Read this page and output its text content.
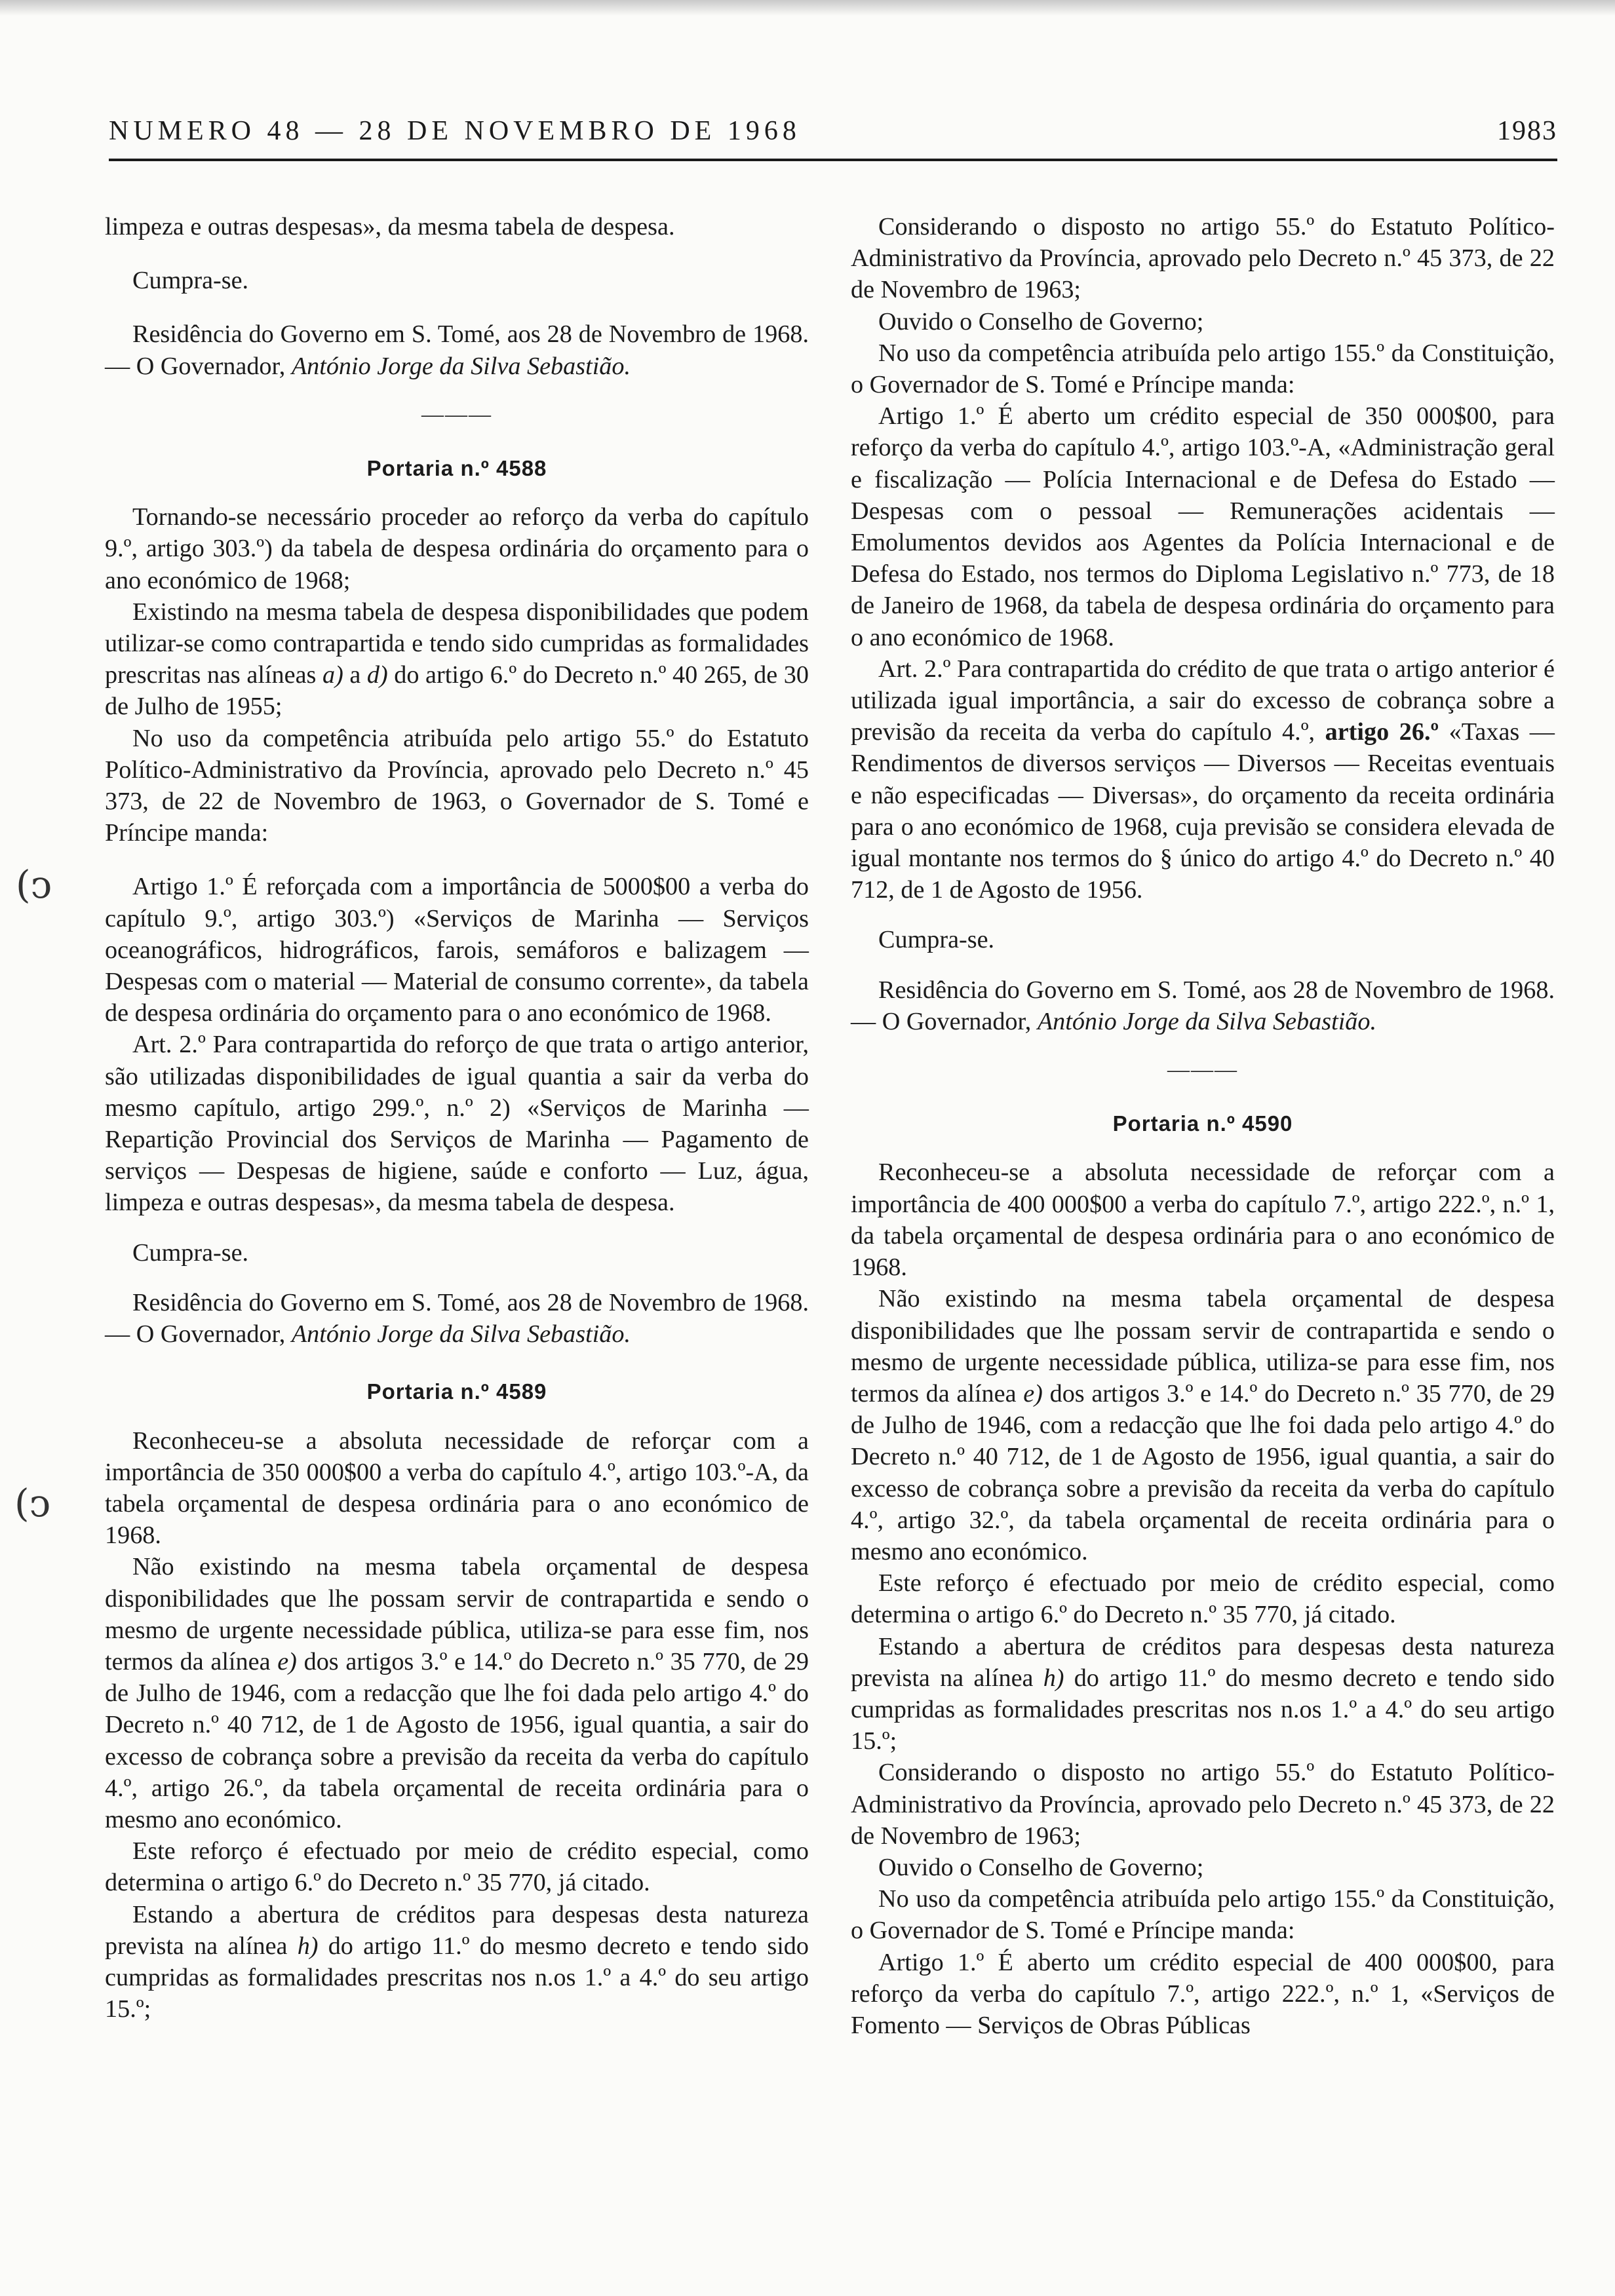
NUMERO 48 — 28 DE NOVEMBRO DE 1968	1983
(ↄ
(ↄ

limpeza e outras despesas», da mesma tabela de despesa.

Cumpra-se.

Residência do Governo em S. Tomé, aos 28 de Novembro de 1968. — O Governador, António Jorge da Silva Sebastião.

———
Portaria n.º 4588

Tornando-se necessário proceder ao reforço da verba do capítulo 9.º, artigo 303.º) da tabela de despesa ordinária do orçamento para o ano económico de 1968;

Existindo na mesma tabela de despesa disponibilidades que podem utilizar-se como contrapartida e tendo sido cumpridas as formalidades prescritas nas alíneas a) a d) do artigo 6.º do Decreto n.º 40 265, de 30 de Julho de 1955;

No uso da competência atribuída pelo artigo 55.º do Estatuto Político-Administrativo da Província, aprovado pelo Decreto n.º 45 373, de 22 de Novembro de 1963, o Governador de S. Tomé e Príncipe manda:

Artigo 1.º É reforçada com a importância de 5000$00 a verba do capítulo 9.º, artigo 303.º) «Serviços de Marinha — Serviços oceanográficos, hidrográficos, farois, semáforos e balizagem — Despesas com o material — Material de consumo corrente», da tabela de despesa ordinária do orçamento para o ano económico de 1968.

Art. 2.º Para contrapartida do reforço de que trata o artigo anterior, são utilizadas disponibilidades de igual quantia a sair da verba do mesmo capítulo, artigo 299.º, n.º 2) «Serviços de Marinha — Repartição Provincial dos Serviços de Marinha — Pagamento de serviços — Despesas de higiene, saúde e conforto — Luz, água, limpeza e outras despesas», da mesma tabela de despesa.

Cumpra-se.

Residência do Governo em S. Tomé, aos 28 de Novembro de 1968. — O Governador, António Jorge da Silva Sebastião.

Portaria n.º 4589

Reconheceu-se a absoluta necessidade de reforçar com a importância de 350 000$00 a verba do capítulo 4.º, artigo 103.º-A, da tabela orçamental de despesa ordinária para o ano económico de 1968.

Não existindo na mesma tabela orçamental de despesa disponibilidades que lhe possam servir de contrapartida e sendo o mesmo de urgente necessidade pública, utiliza-se para esse fim, nos termos da alínea e) dos artigos 3.º e 14.º do Decreto n.º 35 770, de 29 de Julho de 1946, com a redacção que lhe foi dada pelo artigo 4.º do Decreto n.º 40 712, de 1 de Agosto de 1956, igual quantia, a sair do excesso de cobrança sobre a previsão da receita da verba do capítulo 4.º, artigo 26.º, da tabela orçamental de receita ordinária para o mesmo ano económico.

Este reforço é efectuado por meio de crédito especial, como determina o artigo 6.º do Decreto n.º 35 770, já citado.

Estando a abertura de créditos para despesas desta natureza prevista na alínea h) do artigo 11.º do mesmo decreto e tendo sido cumpridas as formalidades prescritas nos n.os 1.º a 4.º do seu artigo 15.º;

Considerando o disposto no artigo 55.º do Estatuto Político-Administrativo da Província, aprovado pelo Decreto n.º 45 373, de 22 de Novembro de 1963;

Ouvido o Conselho de Governo;

No uso da competência atribuída pelo artigo 155.º da Constituição, o Governador de S. Tomé e Príncipe manda:

Artigo 1.º É aberto um crédito especial de 350 000$00, para reforço da verba do capítulo 4.º, artigo 103.º-A, «Administração geral e fiscalização — Polícia Internacional e de Defesa do Estado — Despesas com o pessoal — Remunerações acidentais — Emolumentos devidos aos Agentes da Polícia Internacional e de Defesa do Estado, nos termos do Diploma Legislativo n.º 773, de 18 de Janeiro de 1968, da tabela de despesa ordinária do orçamento para o ano económico de 1968.

Art. 2.º Para contrapartida do crédito de que trata o artigo anterior é utilizada igual importância, a sair do excesso de cobrança sobre a previsão da receita da verba do capítulo 4.º, artigo 26.º «Taxas — Rendimentos de diversos serviços — Diversos — Receitas eventuais e não especificadas — Diversas», do orçamento da receita ordinária para o ano económico de 1968, cuja previsão se considera elevada de igual montante nos termos do § único do artigo 4.º do Decreto n.º 40 712, de 1 de Agosto de 1956.

Cumpra-se.

Residência do Governo em S. Tomé, aos 28 de Novembro de 1968. — O Governador, António Jorge da Silva Sebastião.

———
Portaria n.º 4590

Reconheceu-se a absoluta necessidade de reforçar com a importância de 400 000$00 a verba do capítulo 7.º, artigo 222.º, n.º 1, da tabela orçamental de despesa ordinária para o ano económico de 1968.

Não existindo na mesma tabela orçamental de despesa disponibilidades que lhe possam servir de contrapartida e sendo o mesmo de urgente necessidade pública, utiliza-se para esse fim, nos termos da alínea e) dos artigos 3.º e 14.º do Decreto n.º 35 770, de 29 de Julho de 1946, com a redacção que lhe foi dada pelo artigo 4.º do Decreto n.º 40 712, de 1 de Agosto de 1956, igual quantia, a sair do excesso de cobrança sobre a previsão da receita da verba do capítulo 4.º, artigo 32.º, da tabela orçamental de receita ordinária para o mesmo ano económico.

Este reforço é efectuado por meio de crédito especial, como determina o artigo 6.º do Decreto n.º 35 770, já citado.

Estando a abertura de créditos para despesas desta natureza prevista na alínea h) do artigo 11.º do mesmo decreto e tendo sido cumpridas as formalidades prescritas nos n.os 1.º a 4.º do seu artigo 15.º;

Considerando o disposto no artigo 55.º do Estatuto Político-Administrativo da Província, aprovado pelo Decreto n.º 45 373, de 22 de Novembro de 1963;

Ouvido o Conselho de Governo;

No uso da competência atribuída pelo artigo 155.º da Constituição, o Governador de S. Tomé e Príncipe manda:

Artigo 1.º É aberto um crédito especial de 400 000$00, para reforço da verba do capítulo 7.º, artigo 222.º, n.º 1, «Serviços de Fomento — Serviços de Obras Públicas
